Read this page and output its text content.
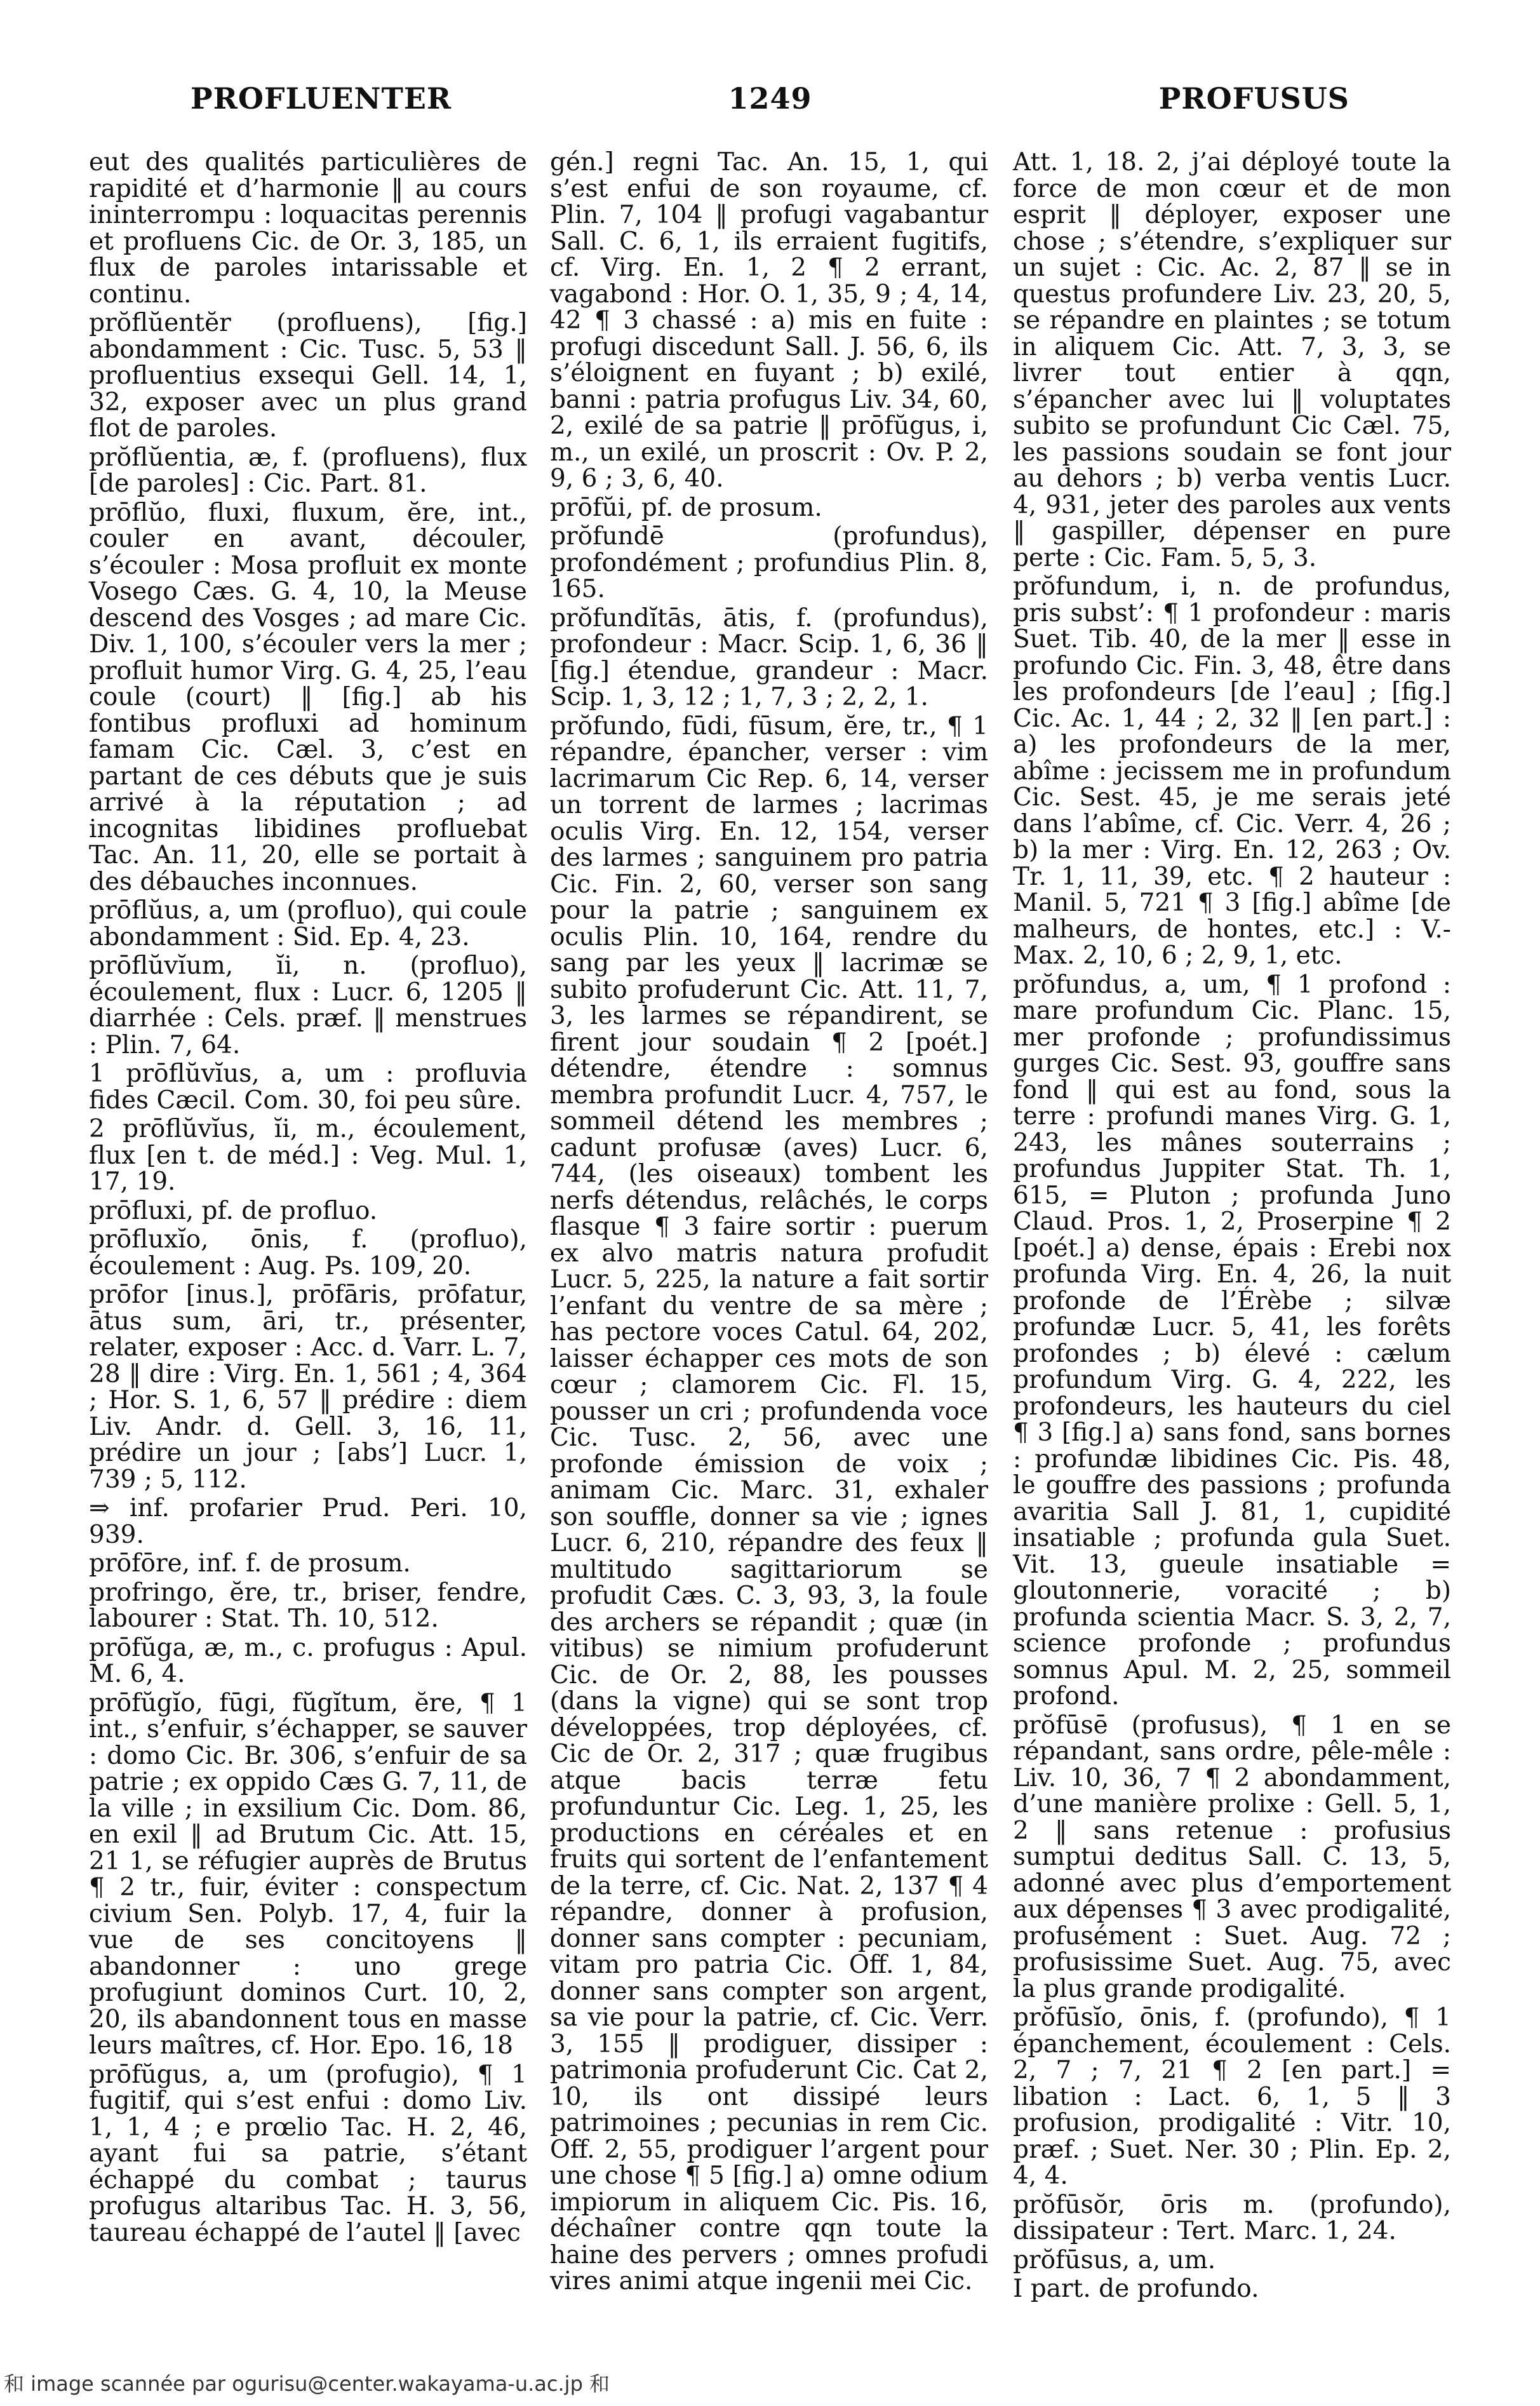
PROFLUENTER	1249	PROFUSUS
eut des qualités particulières de rapidité et d’harmonie ‖ au cours ininterrompu : loquacitas perennis et profluens Cic. de Or. 3, 185, un flux de paroles intarissable et continu.
prŏflŭentĕr (profluens), [fig.] abondamment : Cic. Tusc. 5, 53 ‖ profluentius exsequi Gell. 14, 1, 32, exposer avec un plus grand flot de paroles.
prŏflŭentia, æ, f. (profluens), flux [de paroles] : Cic. Part. 81.
prōflŭo, fluxi, fluxum, ĕre, int., couler en avant, découler, s’écouler : Mosa profluit ex monte Vosego Cæs. G. 4, 10, la Meuse descend des Vosges ; ad mare Cic. Div. 1, 100, s’écouler vers la mer ; profluit humor Virg. G. 4, 25, l’eau coule (court) ‖ [fig.] ab his fontibus profluxi ad hominum famam Cic. Cæl. 3, c’est en partant de ces débuts que je suis arrivé à la réputation ; ad incognitas libidines profluebat Tac. An. 11, 20, elle se portait à des débauches inconnues.
prōflŭus, a, um (profluo), qui coule abondamment : Sid. Ep. 4, 23.
prōflŭvĭum, ĭi, n. (profluo), écoulement, flux : Lucr. 6, 1205 ‖ diarrhée : Cels. præf. ‖ menstrues : Plin. 7, 64.
1 prōflŭvĭus, a, um : profluvia fides Cæcil. Com. 30, foi peu sûre.
2 prōflŭvĭus, ĭi, m., écoulement, flux [en t. de méd.] : Veg. Mul. 1, 17, 19.
prōfluxi, pf. de profluo.
prōfluxĭo, ōnis, f. (profluo), écoulement : Aug. Ps. 109, 20.
prōfor [inus.], prōfāris, prōfatur, ātus sum, āri, tr., présenter, relater, exposer : Acc. d. Varr. L. 7, 28 ‖ dire : Virg. En. 1, 561 ; 4, 364 ; Hor. S. 1, 6, 57 ‖ prédire : diem Liv. Andr. d. Gell. 3, 16, 11, prédire un jour ; [abs’] Lucr. 1, 739 ; 5, 112.
⇒ inf. profarier Prud. Peri. 10, 939.
prōfōre, inf. f. de prosum.
profringo, ĕre, tr., briser, fendre, labourer : Stat. Th. 10, 512.
prōfŭga, æ, m., c. profugus : Apul. M. 6, 4.
prōfŭgĭo, fūgi, fŭgĭtum, ĕre, ¶ 1 int., s’enfuir, s’échapper, se sauver : domo Cic. Br. 306, s’enfuir de sa patrie ; ex oppido Cæs G. 7, 11, de la ville ; in exsilium Cic. Dom. 86, en exil ‖ ad Brutum Cic. Att. 15, 21 1, se réfugier auprès de Brutus ¶ 2 tr., fuir, éviter : conspectum civium Sen. Polyb. 17, 4, fuir la vue de ses concitoyens ‖ abandonner : uno grege profugiunt dominos Curt. 10, 2, 20, ils abandonnent tous en masse leurs maîtres, cf. Hor. Epo. 16, 18
prōfŭgus, a, um (profugio), ¶ 1 fugitif, qui s’est enfui : domo Liv. 1, 1, 4 ; e prœlio Tac. H. 2, 46, ayant fui sa patrie, s’étant échappé du combat ; taurus profugus altaribus Tac. H. 3, 56, taureau échappé de l’autel ‖ [avec
gén.] regni Tac. An. 15, 1, qui s’est enfui de son royaume, cf. Plin. 7, 104 ‖ profugi vagabantur Sall. C. 6, 1, ils erraient fugitifs, cf. Virg. En. 1, 2 ¶ 2 errant, vagabond : Hor. O. 1, 35, 9 ; 4, 14, 42 ¶ 3 chassé : a) mis en fuite : profugi discedunt Sall. J. 56, 6, ils s’éloignent en fuyant ; b) exilé, banni : patria profugus Liv. 34, 60, 2, exilé de sa patrie ‖ prōfŭgus, i, m., un exilé, un proscrit : Ov. P. 2, 9, 6 ; 3, 6, 40.
prōfŭi, pf. de prosum.
prŏfundē (profundus), profondément ; profundius Plin. 8, 165.
prŏfundĭtās, ātis, f. (profundus), profondeur : Macr. Scip. 1, 6, 36 ‖ [fig.] étendue, grandeur : Macr. Scip. 1, 3, 12 ; 1, 7, 3 ; 2, 2, 1.
prŏfundo, fūdi, fūsum, ĕre, tr., ¶ 1 répandre, épancher, verser : vim lacrimarum Cic Rep. 6, 14, verser un torrent de larmes ; lacrimas oculis Virg. En. 12, 154, verser des larmes ; sanguinem pro patria Cic. Fin. 2, 60, verser son sang pour la patrie ; sanguinem ex oculis Plin. 10, 164, rendre du sang par les yeux ‖ lacrimæ se subito profuderunt Cic. Att. 11, 7, 3, les larmes se répandirent, se firent jour soudain ¶ 2 [poét.] détendre, étendre : somnus membra profundit Lucr. 4, 757, le sommeil détend les membres ; cadunt profusæ (aves) Lucr. 6, 744, (les oiseaux) tombent les nerfs détendus, relâchés, le corps flasque ¶ 3 faire sortir : puerum ex alvo matris natura profudit Lucr. 5, 225, la nature a fait sortir l’enfant du ventre de sa mère ; has pectore voces Catul. 64, 202, laisser échapper ces mots de son cœur ; clamorem Cic. Fl. 15, pousser un cri ; profundenda voce Cic. Tusc. 2, 56, avec une profonde émission de voix ; animam Cic. Marc. 31, exhaler son souffle, donner sa vie ; ignes Lucr. 6, 210, répandre des feux ‖ multitudo sagittariorum se profudit Cæs. C. 3, 93, 3, la foule des archers se répandit ; quæ (in vitibus) se nimium profuderunt Cic. de Or. 2, 88, les pousses (dans la vigne) qui se sont trop développées, trop déployées, cf. Cic de Or. 2, 317 ; quæ frugibus atque bacis terræ fetu profunduntur Cic. Leg. 1, 25, les productions en céréales et en fruits qui sortent de l’enfantement de la terre, cf. Cic. Nat. 2, 137 ¶ 4 répandre, donner à profusion, donner sans compter : pecuniam, vitam pro patria Cic. Off. 1, 84, donner sans compter son argent, sa vie pour la patrie, cf. Cic. Verr. 3, 155 ‖ prodiguer, dissiper : patrimonia profuderunt Cic. Cat 2, 10, ils ont dissipé leurs patrimoines ; pecunias in rem Cic. Off. 2, 55, prodiguer l’argent pour une chose ¶ 5 [fig.] a) omne odium impiorum in aliquem Cic. Pis. 16, déchaîner contre qqn toute la haine des pervers ; omnes profudi vires animi atque ingenii mei Cic.
Att. 1, 18. 2, j’ai déployé toute la force de mon cœur et de mon esprit ‖ déployer, exposer une chose ; s’étendre, s’expliquer sur un sujet : Cic. Ac. 2, 87 ‖ se in questus profundere Liv. 23, 20, 5, se répandre en plaintes ; se totum in aliquem Cic. Att. 7, 3, 3, se livrer tout entier à qqn, s’épancher avec lui ‖ voluptates subito se profundunt Cic Cæl. 75, les passions soudain se font jour au dehors ; b) verba ventis Lucr. 4, 931, jeter des paroles aux vents ‖ gaspiller, dépenser en pure perte : Cic. Fam. 5, 5, 3.
prŏfundum, i, n. de profundus, pris subst’: ¶ 1 profondeur : maris Suet. Tib. 40, de la mer ‖ esse in profundo Cic. Fin. 3, 48, être dans les profondeurs [de l’eau] ; [fig.] Cic. Ac. 1, 44 ; 2, 32 ‖ [en part.] : a) les profondeurs de la mer, abîme : jecissem me in profundum Cic. Sest. 45, je me serais jeté dans l’abîme, cf. Cic. Verr. 4, 26 ; b) la mer : Virg. En. 12, 263 ; Ov. Tr. 1, 11, 39, etc. ¶ 2 hauteur : Manil. 5, 721 ¶ 3 [fig.] abîme [de malheurs, de hontes, etc.] : V.-Max. 2, 10, 6 ; 2, 9, 1, etc.
prŏfundus, a, um, ¶ 1 profond : mare profundum Cic. Planc. 15, mer profonde ; profundissimus gurges Cic. Sest. 93, gouffre sans fond ‖ qui est au fond, sous la terre : profundi manes Virg. G. 1, 243, les mânes souterrains ; profundus Juppiter Stat. Th. 1, 615, = Pluton ; profunda Juno Claud. Pros. 1, 2, Proserpine ¶ 2 [poét.] a) dense, épais : Erebi nox profunda Virg. En. 4, 26, la nuit profonde de l’Érèbe ; silvæ profundæ Lucr. 5, 41, les forêts profondes ; b) élevé : cælum profundum Virg. G. 4, 222, les profondeurs, les hauteurs du ciel ¶ 3 [fig.] a) sans fond, sans bornes : profundæ libidines Cic. Pis. 48, le gouffre des passions ; profunda avaritia Sall J. 81, 1, cupidité insatiable ; profunda gula Suet. Vit. 13, gueule insatiable = gloutonnerie, voracité ; b) profunda scientia Macr. S. 3, 2, 7, science profonde ; profundus somnus Apul. M. 2, 25, sommeil profond.
prŏfūsē (profusus), ¶ 1 en se répandant, sans ordre, pêle-mêle : Liv. 10, 36, 7 ¶ 2 abondamment, d’une manière prolixe : Gell. 5, 1, 2 ‖ sans retenue : profusius sumptui deditus Sall. C. 13, 5, adonné avec plus d’emportement aux dépenses ¶ 3 avec prodigalité, profusément : Suet. Aug. 72 ; profusissime Suet. Aug. 75, avec la plus grande prodigalité.
prŏfūsĭo, ōnis, f. (profundo), ¶ 1 épanchement, écoulement : Cels. 2, 7 ; 7, 21 ¶ 2 [en part.] = libation : Lact. 6, 1, 5 ‖ 3 profusion, prodigalité : Vitr. 10, præf. ; Suet. Ner. 30 ; Plin. Ep. 2, 4, 4.
prŏfūsŏr, ōris m. (profundo), dissipateur : Tert. Marc. 1, 24.
prŏfūsus, a, um.
I part. de profundo.
和 image scannée par ogurisu@center.wakayama-u.ac.jp 和
